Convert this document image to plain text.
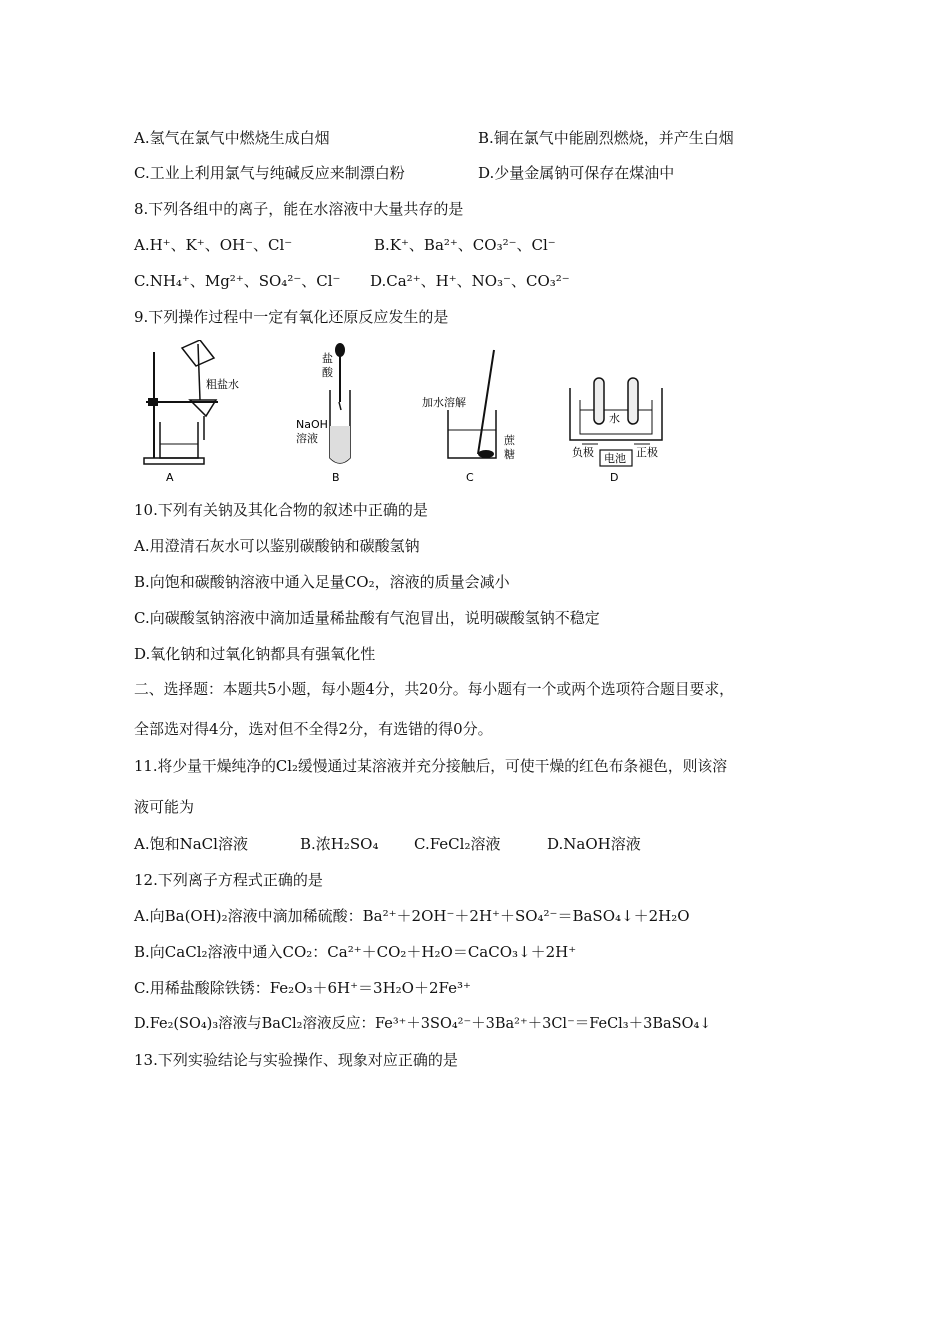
A.氢气在氯气中燃烧生成白烟	B.铜在氯气中能剧烈燃烧，并产生白烟
C.工业上利用氯气与纯碱反应来制漂白粉	D.少量金属钠可保存在煤油中
8.下列各组中的离子，能在水溶液中大量共存的是
A.H⁺、K⁺、OH⁻、Cl⁻	B.K⁺、Ba²⁺、CO₃²⁻、Cl⁻
C.NH₄⁺、Mg²⁺、SO₄²⁻、Cl⁻ D.Ca²⁺、H⁺、NO₃⁻、CO₃²⁻
9.下列操作过程中一定有氧化还原反应发生的是
粗盐水
A
盐
酸
NaOH
溶液
B
加水溶解
蔗
糖
C
水
负极 电池 正极
D
10.下列有关钠及其化合物的叙述中正确的是
A.用澄清石灰水可以鉴别碳酸钠和碳酸氢钠
B.向饱和碳酸钠溶液中通入足量CO₂，溶液的质量会减小
C.向碳酸氢钠溶液中滴加适量稀盐酸有气泡冒出，说明碳酸氢钠不稳定
D.氧化钠和过氧化钠都具有强氧化性
二、选择题：本题共5小题，每小题4分，共20分。每小题有一个或两个选项符合题目要求，
全部选对得4分，选对但不全得2分，有选错的得0分。
11.将少量干燥纯净的Cl₂缓慢通过某溶液并充分接触后，可使干燥的红色布条褪色，则该溶
液可能为
A.饱和NaCl溶液	B.浓H₂SO₄ C.FeCl₂溶液	D.NaOH溶液
12.下列离子方程式正确的是
A.向Ba(OH)₂溶液中滴加稀硫酸：Ba²⁺＋2OH⁻＋2H⁺＋SO₄²⁻＝BaSO₄↓＋2H₂O
B.向CaCl₂溶液中通入CO₂：Ca²⁺＋CO₂＋H₂O＝CaCO₃↓＋2H⁺
C.用稀盐酸除铁锈：Fe₂O₃＋6H⁺＝3H₂O＋2Fe³⁺
D.Fe₂(SO₄)₃溶液与BaCl₂溶液反应：Fe³⁺＋3SO₄²⁻＋3Ba²⁺＋3Cl⁻＝FeCl₃＋3BaSO₄↓
13.下列实验结论与实验操作、现象对应正确的是
